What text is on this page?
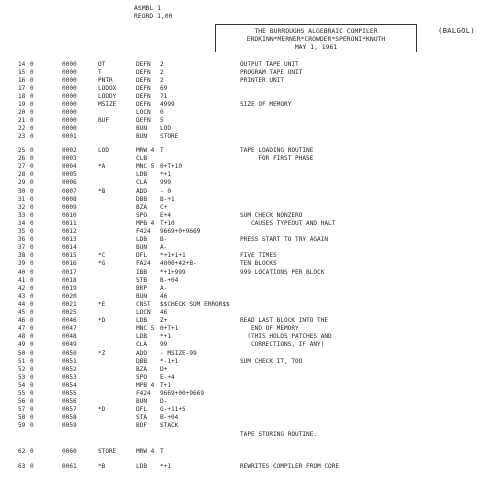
ASMBL 1
REORD 1,00
THE BURROUGHS ALGEBRAIC COMPILER
ERDKINN*MERNER*CROWDER*SPERONI*KNUTH
MAY 1, 1961
(BALGOL)
14 0	0000	OT	DEFN 2	OUTPUT TAPE UNIT
15 0	0000	T	DEFN 2	PROGRAM TAPE UNIT
16 0	0000	PNTR	DEFN 2	PRINTER UNIT
17 0	0000	LODOX	DEFN 69
18 0	0000	LODDY	DEFN 71
19 0	0000	MSIZE	DEFN 4999	SIZE OF MEMORY
20 0	0000	LOCN 0
21 0	0000	BUF	DEFN 5
22 0	0000	BUN LOD
23 0	0001	BUN STORE
25 0	0002	LOD	MRW 4 T	TAPE LOADING ROUTINE
26 0	0003	CLB	FOR FIRST PHASE
27 0	0004	*A	MNC 5 0+T+10
28 0	0005	LDB *+1
29 0	0006	CLA 999
30 0	0007	*B	ADD - 0
31 0	0008	DBB B-+1
32 0	0009	BZA C+
33 0	0010	SPO E+4	SUM CHECK NONZERO
34 0	0011	MPB 4 T+10	CAUSES TYPEOUT AND HALT
35 0	0012	F424 9669+0+9669
36 0	0013	LDB B-	PRESS START TO TRY AGAIN
37 0	0014	BUN A-
38 0	0015	*C	DFL *+1+1+1	FIVE TIMES
39 0	0016	*G	FA24 4000+42+B-	TEN BLOCKS
40 0	0017	IBB *+1+999	999 LOCATIONS PER BLOCK
41 0	0018	STB B-+04
42 0	0019	BRP A-
43 0	0020	BUN 46
44 0	0021	*E	CNST $$CHECK SUM ERROR$$
45 0	0025	LOCN 46
46 0	0046	*D	LDB Z+	READ LAST BLOCK INTO THE
47 0	0047	MNC 5 0+T+1	END OF MEMORY
48 0	0048	LDB *+1	(THIS HOLDS PATCHES AND
49 0	0049	CLA 99	CORRECTIONS, IF ANY)
50 0	0050	*Z	ADD - MSIZE-99
51 0	0051	DBB *-1+1	SUM CHECK IT, TOO
52 0	0052	BZA D+
53 0	0053	SPO E-+4
54 0	0054	MPB 4 T+1
55 0	0055	F424 9669+00+9669
56 0	0056	BUN D-
57 0	0057	*D	DFL G-+11+5
58 0	0058	STA B-+04
59 0	0059	BOF STACK
TAPE STORING ROUTINE.
62 0	0060	STORE	MRW 4 T
63 0	0061	*B	LDB *+1	REWRITES COMPILER FROM CORE
